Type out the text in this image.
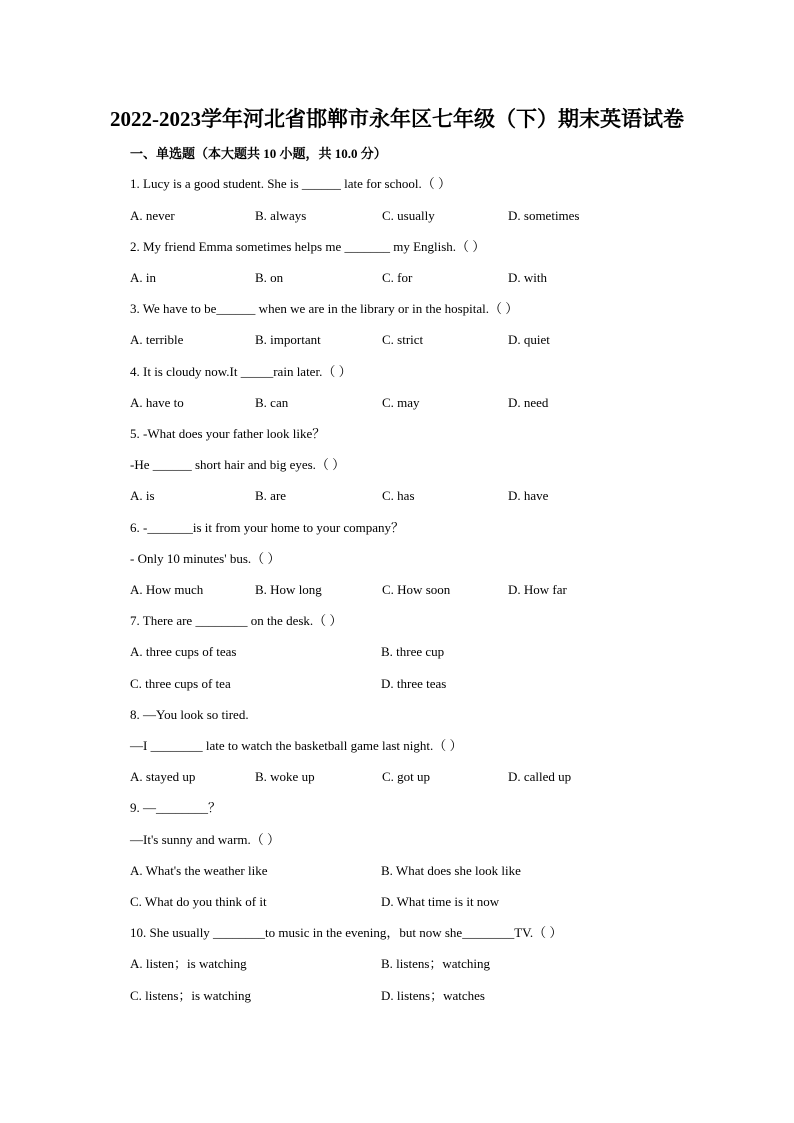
2022-2023学年河北省邯郸市永年区七年级（下）期末英语试卷
一、单选题（本大题共 10 小题，共 10.0 分）
1. Lucy is a good student. She is ______ late for school.（ ）
A. never	B. always	C. usually	D. sometimes
2. My friend Emma sometimes helps me _______ my English.（ ）
A. in	B. on	C. for	D. with
3. We have to be______ when we are in the library or in the hospital.（ ）
A. terrible	B. important	C. strict	D. quiet
4. It is cloudy now.It _____rain later.（ ）
A. have to	B. can	C. may	D. need
5. -What does your father look like？
-He ______ short hair and big eyes.（ ）
A. is	B. are	C. has	D. have
6. -_______is it from your home to your company？
- Only 10 minutes' bus.（ ）
A. How much	B. How long	C. How soon	D. How far
7. There are ________ on the desk.（ ）
A. three cups of teas	B. three cup
C. three cups of tea	D. three teas
8. —You look so tired.
—I ________ late to watch the basketball game last night.（ ）
A. stayed up	B. woke up	C. got up	D. called up
9. —________？
—It's sunny and warm.（ ）
A. What's the weather like	B. What does she look like
C. What do you think of it	D. What time is it now
10. She usually ________to music in the evening，but now she________TV.（ ）
A. listen；is watching	B. listens；watching
C. listens；is watching	D. listens；watches
